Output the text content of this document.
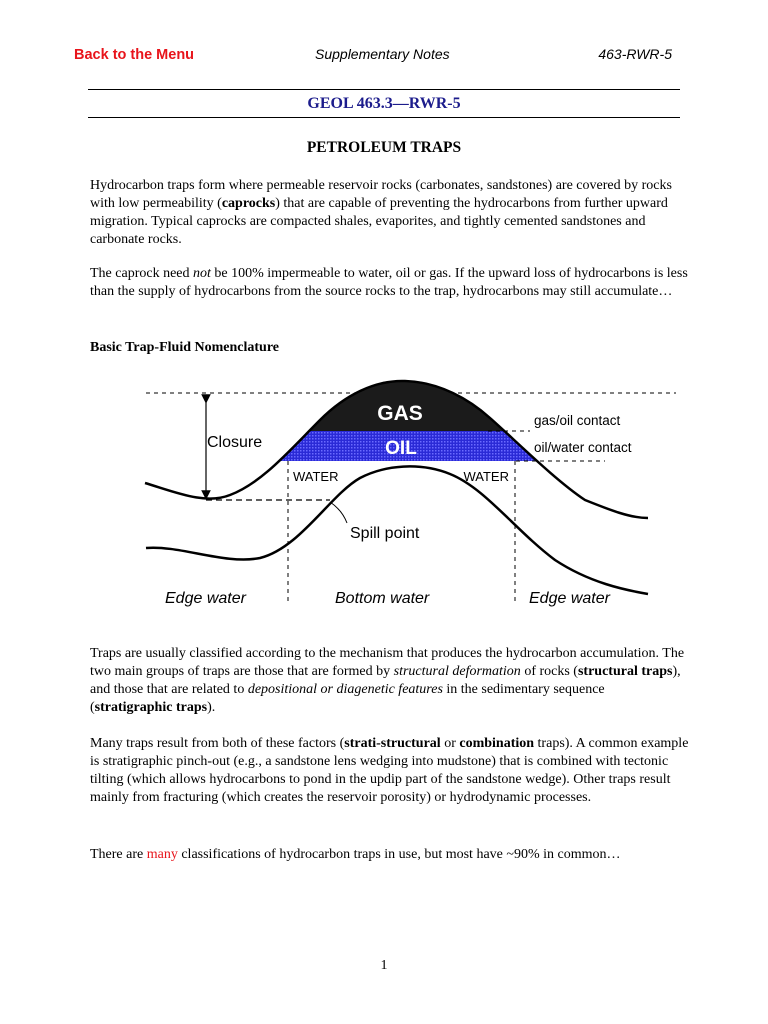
Back to the Menu	Supplementary Notes	463-RWR-5
GEOL 463.3—RWR-5
PETROLEUM TRAPS

Hydrocarbon traps form where permeable reservoir rocks (carbonates, sandstones) are covered by rocks with low permeability (caprocks) that are capable of preventing the hydrocarbons from further upward migration. Typical caprocks are compacted shales, evaporites, and tightly cemented sandstones and carbonate rocks.

The caprock need not be 100% impermeable to water, oil or gas. If the upward loss of hydrocarbons is less than the supply of hydrocarbons from the source rocks to the trap, hydrocarbons may still accumulate…

Basic Trap-Fluid Nomenclature
GAS
OIL
Closure
gas/oil contact
oil/water contact
WATER	WATER
Spill point
Edge water	Bottom water	Edge water

Traps are usually classified according to the mechanism that produces the hydrocarbon accumulation. The two main groups of traps are those that are formed by structural deformation of rocks (structural traps), and those that are related to depositional or diagenetic features in the sedimentary sequence (stratigraphic traps).

Many traps result from both of these factors (strati-structural or combination traps). A common example is stratigraphic pinch-out (e.g., a sandstone lens wedging into mudstone) that is combined with tectonic tilting (which allows hydrocarbons to pond in the updip part of the sandstone wedge). Other traps result mainly from fracturing (which creates the reservoir porosity) or hydrodynamic processes.

There are many classifications of hydrocarbon traps in use, but most have ~90% in common…

1
